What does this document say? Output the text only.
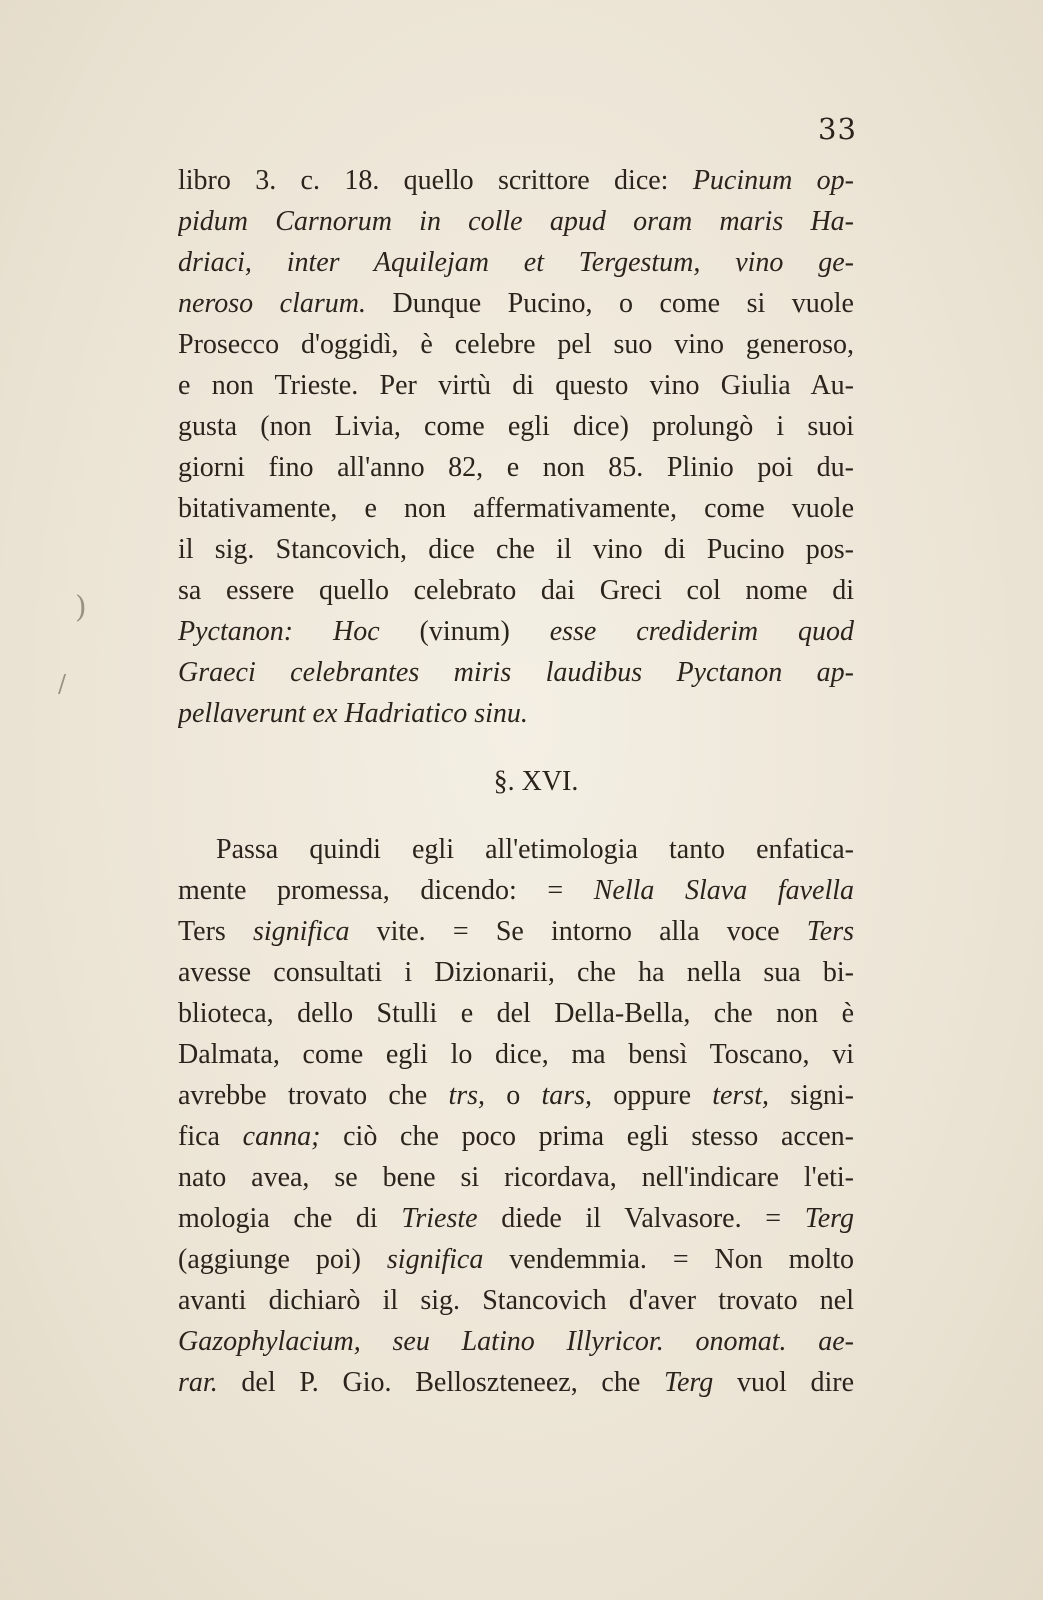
)
/
33
libro 3. c. 18. quello scrittore dice: Pucinum op-
pidum Carnorum in colle apud oram maris Ha-
driaci, inter Aquilejam et Tergestum, vino ge-
neroso clarum. Dunque Pucino, o come si vuole
Prosecco d'oggidì, è celebre pel suo vino generoso,
e non Trieste. Per virtù di questo vino Giulia Au-
gusta (non Livia, come egli dice) prolungò i suoi
giorni fino all'anno 82, e non 85. Plinio poi du-
bitativamente, e non affermativamente, come vuole
il sig. Stancovich, dice che il vino di Pucino pos-
sa essere quello celebrato dai Greci col nome di
Pyctanon: Hoc (vinum) esse crediderim quod
Graeci celebrantes miris laudibus Pyctanon ap-
pellaverunt ex Hadriatico sinu.
§. XVI.
Passa quindi egli all'etimologia tanto enfatica-
mente promessa, dicendo: = Nella Slava favella
Ters significa vite. = Se intorno alla voce Ters
avesse consultati i Dizionarii, che ha nella sua bi-
blioteca, dello Stulli e del Della-Bella, che non è
Dalmata, come egli lo dice, ma bensì Toscano, vi
avrebbe trovato che trs, o tars, oppure terst, signi-
fica canna; ciò che poco prima egli stesso accen-
nato avea, se bene si ricordava, nell'indicare l'eti-
mologia che di Trieste diede il Valvasore. = Terg
(aggiunge poi) significa vendemmia. = Non molto
avanti dichiarò il sig. Stancovich d'aver trovato nel
Gazophylacium, seu Latino Illyricor. onomat. ae-
rar. del P. Gio. Belloszteneez, che Terg vuol dire
